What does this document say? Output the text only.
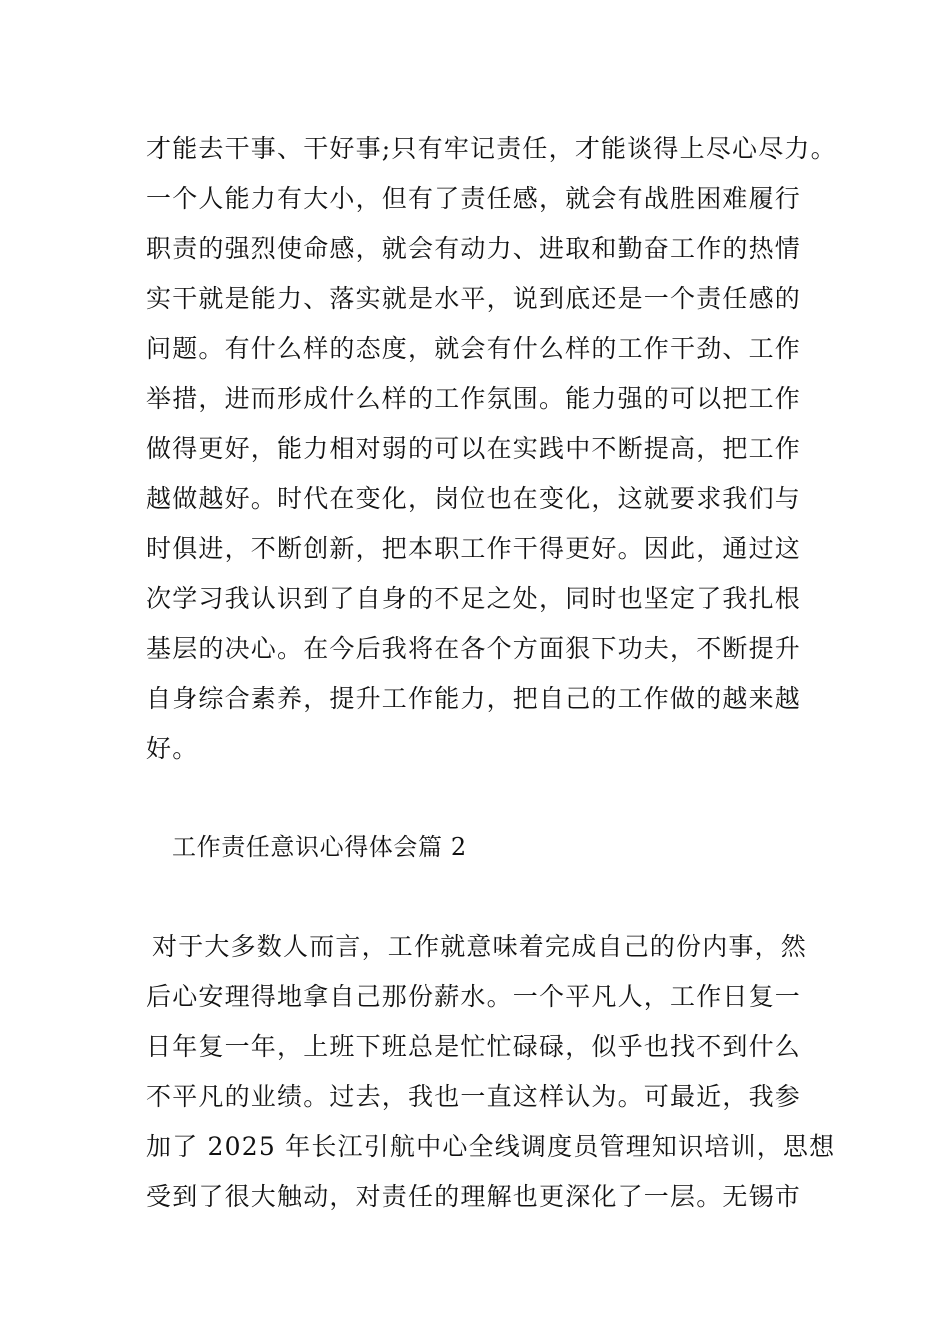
才能去干事、干好事;只有牢记责任，才能谈得上尽心尽力。
一个人能力有大小，但有了责任感，就会有战胜困难履行
职责的强烈使命感，就会有动力、进取和勤奋工作的热情
实干就是能力、落实就是水平，说到底还是一个责任感的
问题。有什么样的态度，就会有什么样的工作干劲、工作
举措，进而形成什么样的工作氛围。能力强的可以把工作
做得更好，能力相对弱的可以在实践中不断提高，把工作
越做越好。时代在变化，岗位也在变化，这就要求我们与
时俱进，不断创新，把本职工作干得更好。因此，通过这
次学习我认识到了自身的不足之处，同时也坚定了我扎根
基层的决心。在今后我将在各个方面狠下功夫，不断提升
自身综合素养，提升工作能力，把自己的工作做的越来越
好。
工作责任意识心得体会篇 2
对于大多数人而言，工作就意味着完成自己的份内事，然
后心安理得地拿自己那份薪水。一个平凡人，工作日复一
日年复一年，上班下班总是忙忙碌碌，似乎也找不到什么
不平凡的业绩。过去，我也一直这样认为。可最近，我参
加了 2025 年长江引航中心全线调度员管理知识培训，思想
受到了很大触动，对责任的理解也更深化了一层。无锡市
